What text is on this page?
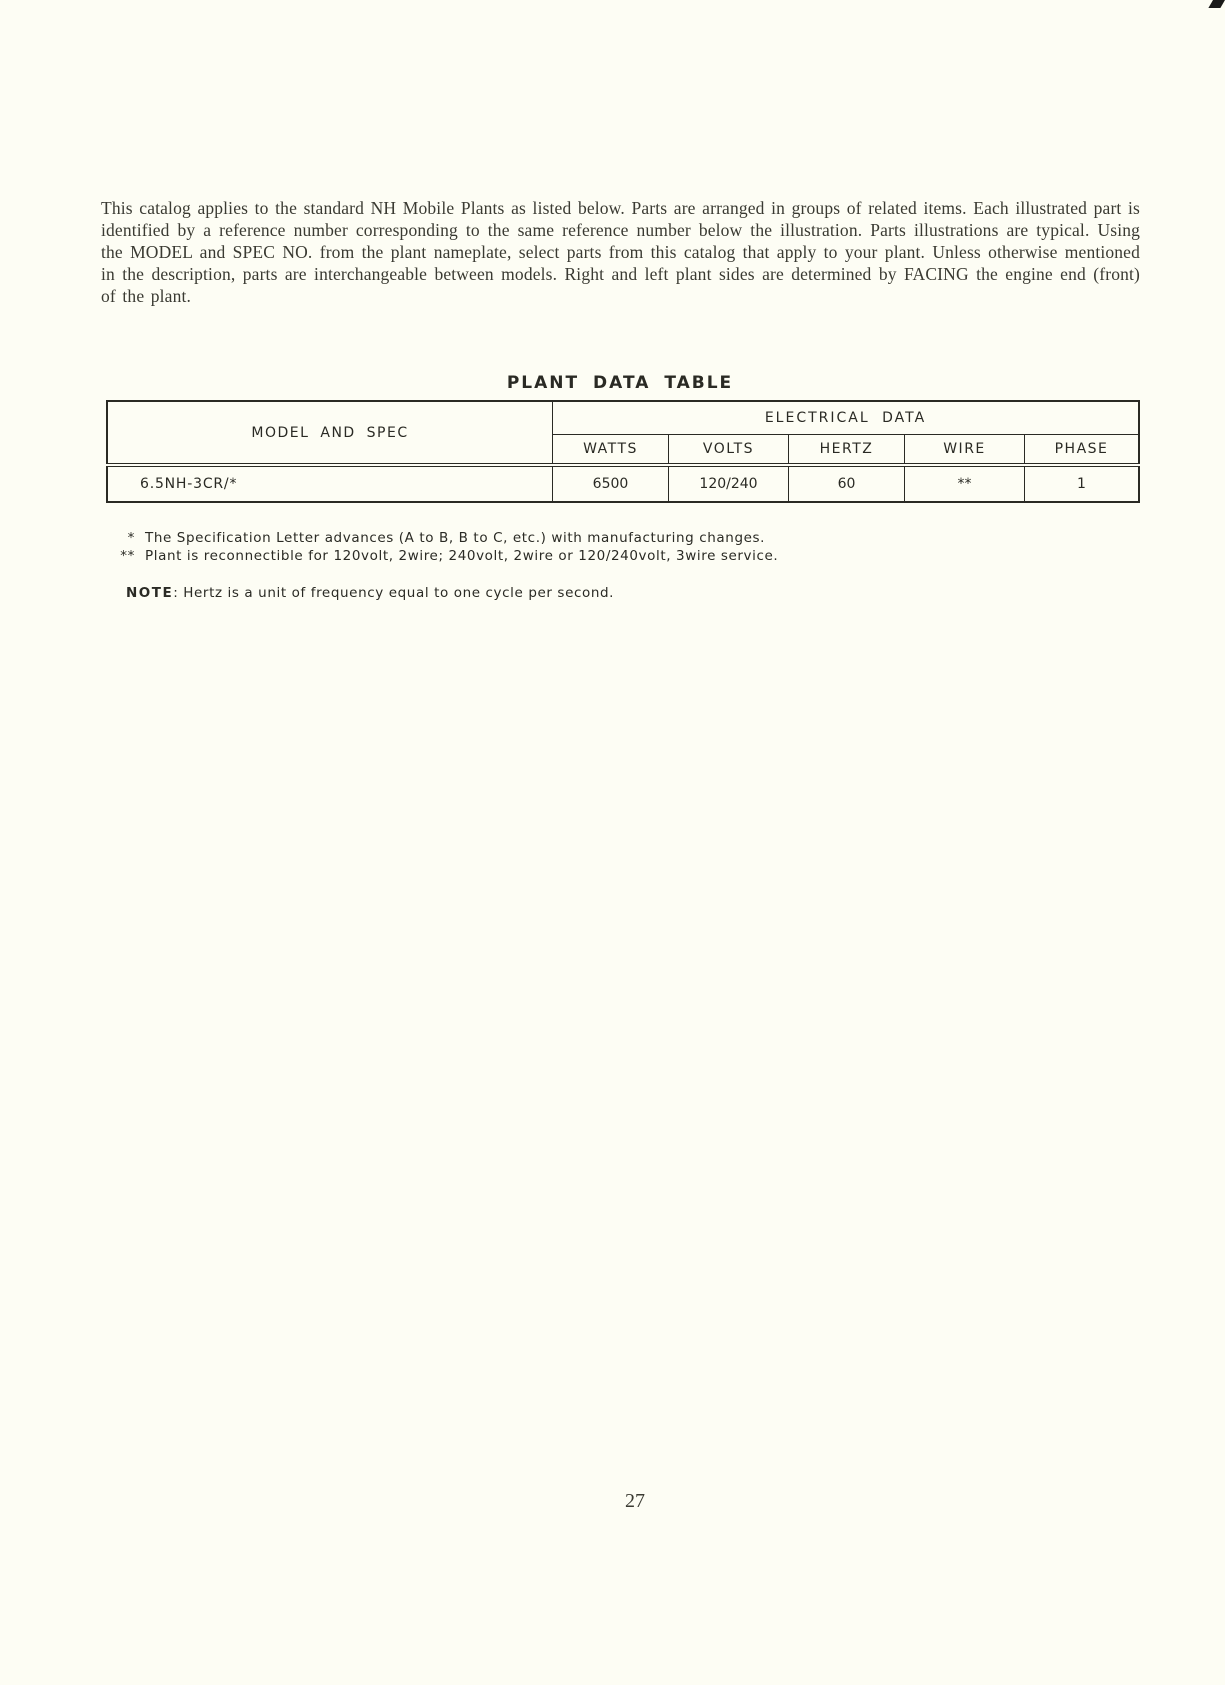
This catalog applies to the standard NH Mobile Plants as listed below. Parts are arranged in groups of related items. Each illustrated part is identified by a reference number corresponding to the same reference number below the illustration. Parts illustrations are typical. Using the MODEL and SPEC NO. from the plant nameplate, select parts from this catalog that apply to your plant. Unless otherwise mentioned in the description, parts are interchangeable between models. Right and left plant sides are determined by FACING the engine end (front) of the plant.

PLANT DATA TABLE
MODEL AND SPEC	ELECTRICAL DATA				
	WATTS	VOLTS	HERTZ	WIRE	PHASE
6.5NH-3CR/*	6500	120/240	60	**	1
* The Specification Letter advances (A to B, B to C, etc.) with manufacturing changes.
** Plant is reconnectible for 120volt, 2wire; 240volt, 2wire or 120/240volt, 3wire service.
NOTE: Hertz is a unit of frequency equal to one cycle per second.
27
